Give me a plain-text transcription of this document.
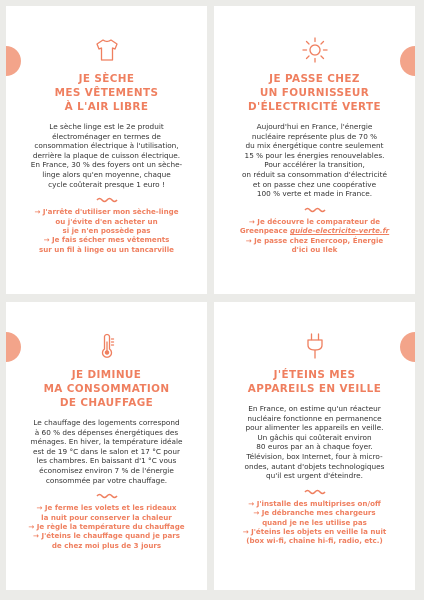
JE SÈCHE
MES VÊTEMENTS
À L'AIR LIBRE
Le sèche linge est le 2e produit
électroménager en termes de
consommation électrique à l'utilisation,
derrière la plaque de cuisson électrique.
En France, 30 % des foyers ont un sèche-
linge alors qu'en moyenne, chaque
cycle coûterait presque 1 euro !
→ J'arrête d'utiliser mon sèche-linge
ou j'évite d'en acheter un
si je n'en possède pas
→ Je fais sécher mes vêtements
sur un fil à linge ou un tancarville
JE PASSE CHEZ
UN FOURNISSEUR
D'ÉLECTRICITÉ VERTE
Aujourd'hui en France, l'énergie
nucléaire représente plus de 70 %
du mix énergétique contre seulement
15 % pour les énergies renouvelables.
Pour accélérer la transition,
on réduit sa consommation d'électricité
et on passe chez une coopérative
100 % verte et made in France.
→ Je découvre le comparateur de
Greenpeace guide-electricite-verte.fr
→ Je passe chez Enercoop, Énergie
d'ici ou Ilek
JE DIMINUE
MA CONSOMMATION
DE CHAUFFAGE
Le chauffage des logements correspond
à 60 % des dépenses énergétiques des
ménages. En hiver, la température idéale
est de 19 °C dans le salon et 17 °C pour
les chambres. En baissant d'1 °C vous
économisez environ 7 % de l'énergie
consommée par votre chauffage.
→ Je ferme les volets et les rideaux
la nuit pour conserver la chaleur
→ Je règle la température du chauffage
→ J'éteins le chauffage quand je pars
de chez moi plus de 3 jours
J'ÉTEINS MES
APPAREILS EN VEILLE
En France, on estime qu'un réacteur
nucléaire fonctionne en permanence
pour alimenter les appareils en veille.
Un gâchis qui coûterait environ
80 euros par an à chaque foyer.
Télévision, box Internet, four à micro-
ondes, autant d'objets technologiques
qu'il est urgent d'éteindre.
→ J'installe des multiprises on/off
→ Je débranche mes chargeurs
quand je ne les utilise pas
→ J'éteins les objets en veille la nuit
(box wi-fi, chaîne hi-fi, radio, etc.)
